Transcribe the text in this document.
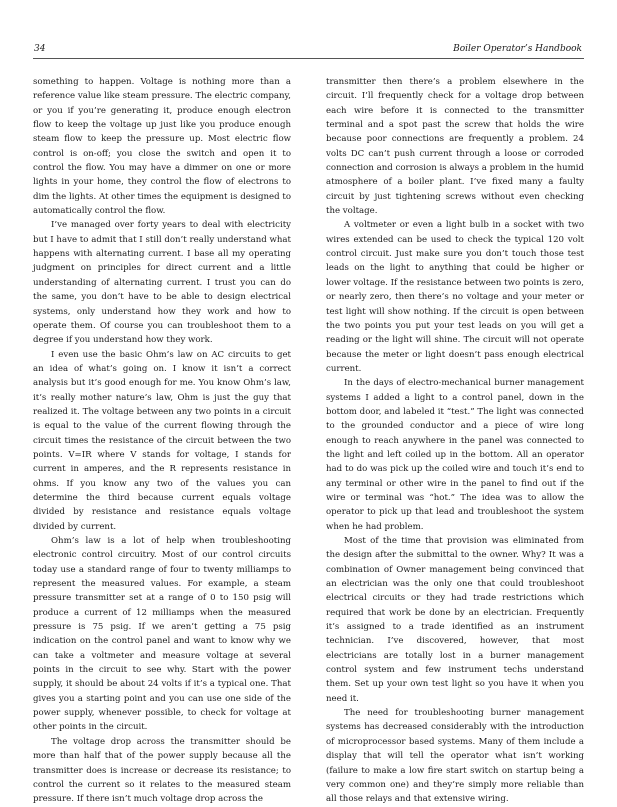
34	Boiler Operator’s Handbook

something to happen. Voltage is nothing more than a reference value like steam pressure. The electric company, or you if you’re generating it, produce enough electron flow to keep the voltage up just like you produce enough steam flow to keep the pressure up. Most electric flow control is on-off; you close the switch and open it to control the flow. You may have a dimmer on one or more lights in your home, they control the flow of electrons to dim the lights. At other times the equipment is designed to automatically control the flow.

I’ve managed over forty years to deal with electricity but I have to admit that I still don’t really understand what happens with alternating current. I base all my operating judgment on principles for direct current and a little understanding of alternating current. I trust you can do the same, you don’t have to be able to design electrical systems, only understand how they work and how to operate them. Of course you can troubleshoot them to a degree if you understand how they work.

I even use the basic Ohm’s law on AC circuits to get an idea of what’s going on. I know it isn’t a correct analysis but it’s good enough for me. You know Ohm’s law, it’s really mother nature’s law, Ohm is just the guy that realized it. The voltage between any two points in a circuit is equal to the value of the current flowing through the circuit times the resistance of the circuit between the two points. V=IR where V stands for voltage, I stands for current in amperes, and the R represents resistance in ohms. If you know any two of the values you can determine the third because current equals voltage divided by resistance and resistance equals voltage divided by current.

Ohm’s law is a lot of help when troubleshooting electronic control circuitry. Most of our control circuits today use a standard range of four to twenty milliamps to represent the measured values. For example, a steam pressure transmitter set at a range of 0 to 150 psig will produce a current of 12 milliamps when the measured pressure is 75 psig. If we aren’t getting a 75 psig indication on the control panel and want to know why we can take a voltmeter and measure voltage at several points in the circuit to see why. Start with the power supply, it should be about 24 volts if it’s a typical one. That gives you a starting point and you can use one side of the power supply, whenever possible, to check for voltage at other points in the circuit.

The voltage drop across the transmitter should be more than half that of the power supply because all the transmitter does is increase or decrease its resistance; to control the current so it relates to the measured steam pressure. If there isn’t much voltage drop across the

transmitter then there’s a problem elsewhere in the circuit. I’ll frequently check for a voltage drop between each wire before it is connected to the transmitter terminal and a spot past the screw that holds the wire because poor connections are frequently a problem. 24 volts DC can’t push current through a loose or corroded connection and corrosion is always a problem in the humid atmosphere of a boiler plant. I’ve fixed many a faulty circuit by just tightening screws without even checking the voltage.

A voltmeter or even a light bulb in a socket with two wires extended can be used to check the typical 120 volt control circuit. Just make sure you don’t touch those test leads on the light to anything that could be higher or lower voltage. If the resistance between two points is zero, or nearly zero, then there’s no voltage and your meter or test light will show nothing. If the circuit is open between the two points you put your test leads on you will get a reading or the light will shine. The circuit will not operate because the meter or light doesn’t pass enough electrical current.

In the days of electro-mechanical burner management systems I added a light to a control panel, down in the bottom door, and labeled it “test.” The light was connected to the grounded conductor and a piece of wire long enough to reach anywhere in the panel was connected to the light and left coiled up in the bottom. All an operator had to do was pick up the coiled wire and touch it’s end to any terminal or other wire in the panel to find out if the wire or terminal was “hot.” The idea was to allow the operator to pick up that lead and troubleshoot the system when he had problem.

Most of the time that provision was eliminated from the design after the submittal to the owner. Why? It was a combination of Owner management being convinced that an electrician was the only one that could troubleshoot electrical circuits or they had trade restrictions which required that work be done by an electrician. Frequently it’s assigned to a trade identified as an instrument technician. I’ve discovered, however, that most electricians are totally lost in a burner management control system and few instrument techs understand them. Set up your own test light so you have it when you need it.

The need for troubleshooting burner management systems has decreased considerably with the introduction of microprocessor based systems. Many of them include a display that will tell the operator what isn’t working (failure to make a low fire start switch on startup being a very common one) and they’re simply more reliable than all those relays and that extensive wiring.
